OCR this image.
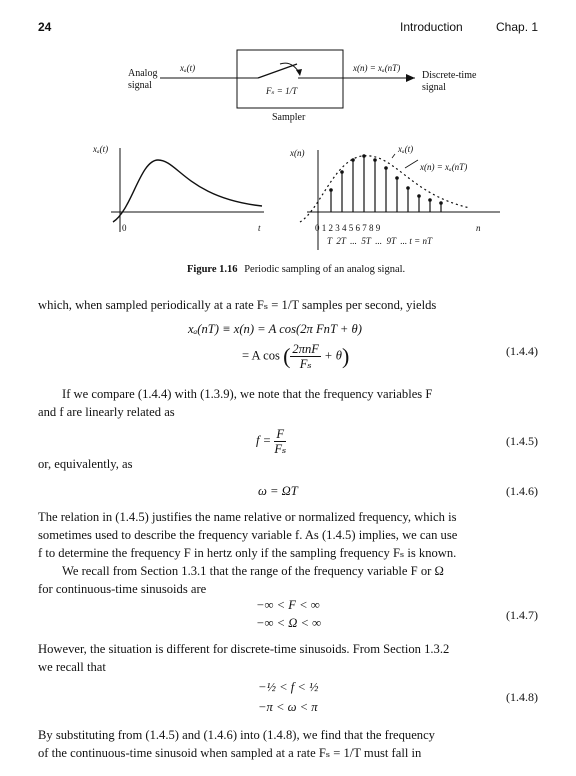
24	Introduction	Chap. 1
Analog
signal
xₐ(t)	x(n) = xₐ(nT)
Discrete-time
signal
Fₛ = 1/T
Sampler
xₐ(t)
0	t
x(n)	xₐ(t)
x(n) = xₐ(nT)
0 1 2 3 4 5 6 7 8 9	n
T  2T  ...  5T  ...  9T  ... t = nT
Figure 1.16 Periodic sampling of an analog signal.
which, when sampled periodically at a rate Fₛ = 1/T samples per second, yields
xₐ(nT) ≡ x(n) = A cos(2π FnT + θ)
= A cos ( $\frac{\text{2πnF}}{\text{Fₛ}} + \theta$)	(1.4.4)
If we compare (1.4.4) with (1.3.9), we note that the frequency variables F
and f are linearly related as
$f = \frac{F}{\text{Fₛ}}$	(1.4.5)
or, equivalently, as
ω = ΩT	(1.4.6)
The relation in (1.4.5) justifies the name relative or normalized frequency, which is
sometimes used to describe the frequency variable f. As (1.4.5) implies, we can use
f to determine the frequency F in hertz only if the sampling frequency Fₛ is known.
We recall from Section 1.3.1 that the range of the frequency variable F or Ω
for continuous-time sinusoids are
−∞ < F < ∞
−∞ < Ω < ∞
(1.4.7)
However, the situation is different for discrete-time sinusoids. From Section 1.3.2
we recall that
−½ < f < ½
−π < ω < π
(1.4.8)
By substituting from (1.4.5) and (1.4.6) into (1.4.8), we find that the frequency
of the continuous-time sinusoid when sampled at a rate Fₛ = 1/T must fall in
